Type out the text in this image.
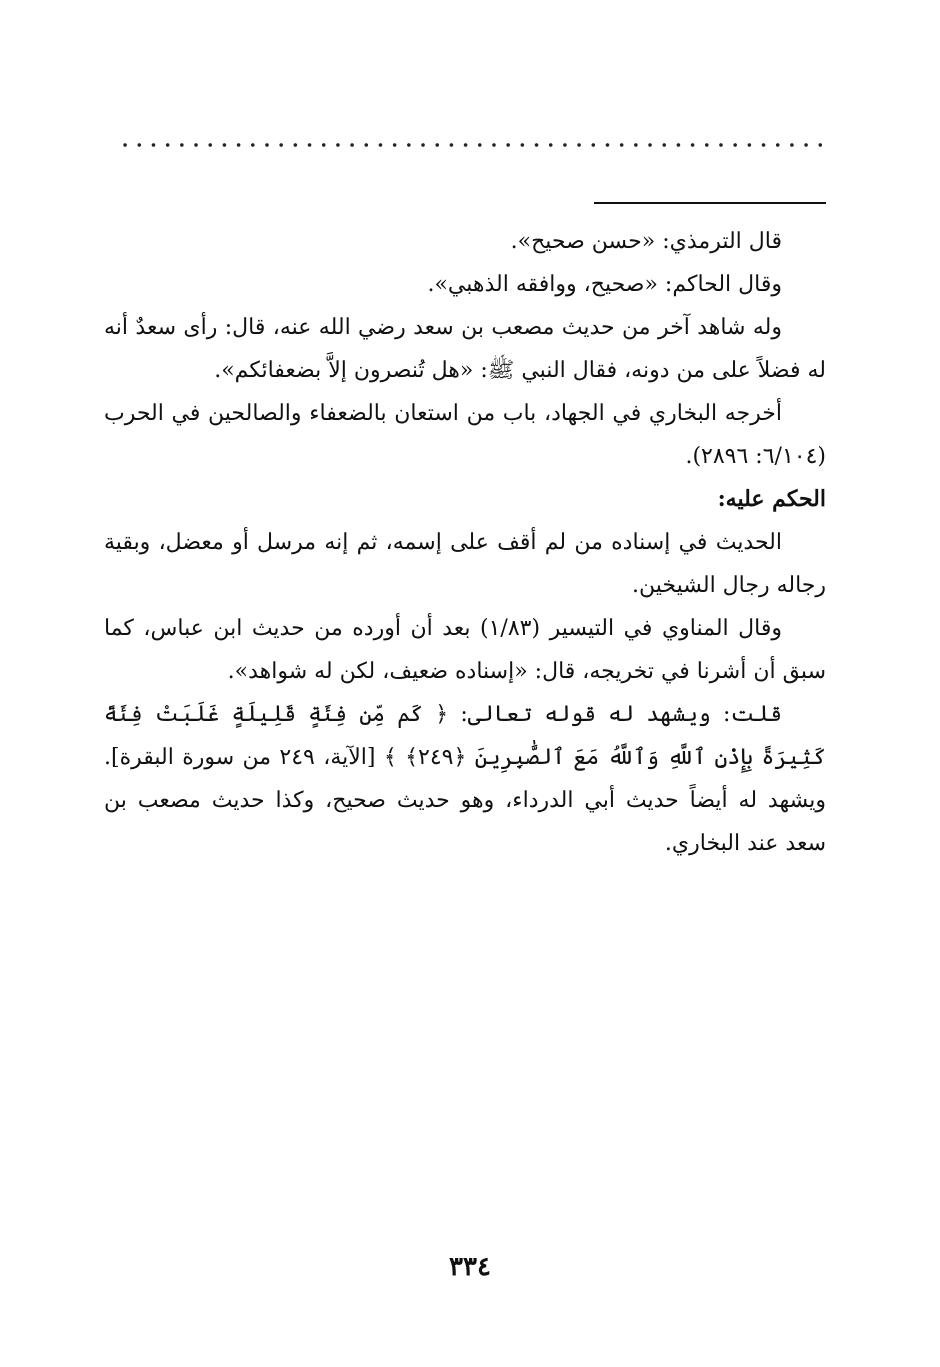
قال الترمذي: «حسن صحيح».

وقال الحاكم: «صحيح، ووافقه الذهبي».

وله شاهد آخر من حديث مصعب بن سعد رضي الله عنه، قال: رأى سعدٌ أنه له فضلاً على من دونه، فقال النبي ﷺ: «هل تُنصرون إلاَّ بضعفائكم».

أخرجه البخاري في الجهاد، باب من استعان بالضعفاء والصالحين في الحرب (٦/١٠٤: ٢٨٩٦).

الحكم عليه:

الحديث في إسناده من لم أقف على إسمه، ثم إنه مرسل أو معضل، وبقية رجاله رجال الشيخين.

وقال المناوي في التيسير (١/٨٣) بعد أن أورده من حديث ابن عباس، كما سبق أن أشرنا في تخريجه، قال: «إسناده ضعيف، لكن له شواهد».

قلت: ويشهد له قوله تعالى: ﴿ كَم مِّن فِئَةٍ قَلِيلَةٍ غَلَبَتْ فِئَةً كَثِيرَةً بِإِذْنِ ٱللَّهِ وَٱللَّهُ مَعَ ٱلصَّٰبِرِينَ ﴿٢٤٩﴾ ﴾ [الآية، ٢٤٩ من سورة البقرة]. ويشهد له أيضاً حديث أبي الدرداء، وهو حديث صحيح، وكذا حديث مصعب بن سعد عند البخاري.

٣٣٤
